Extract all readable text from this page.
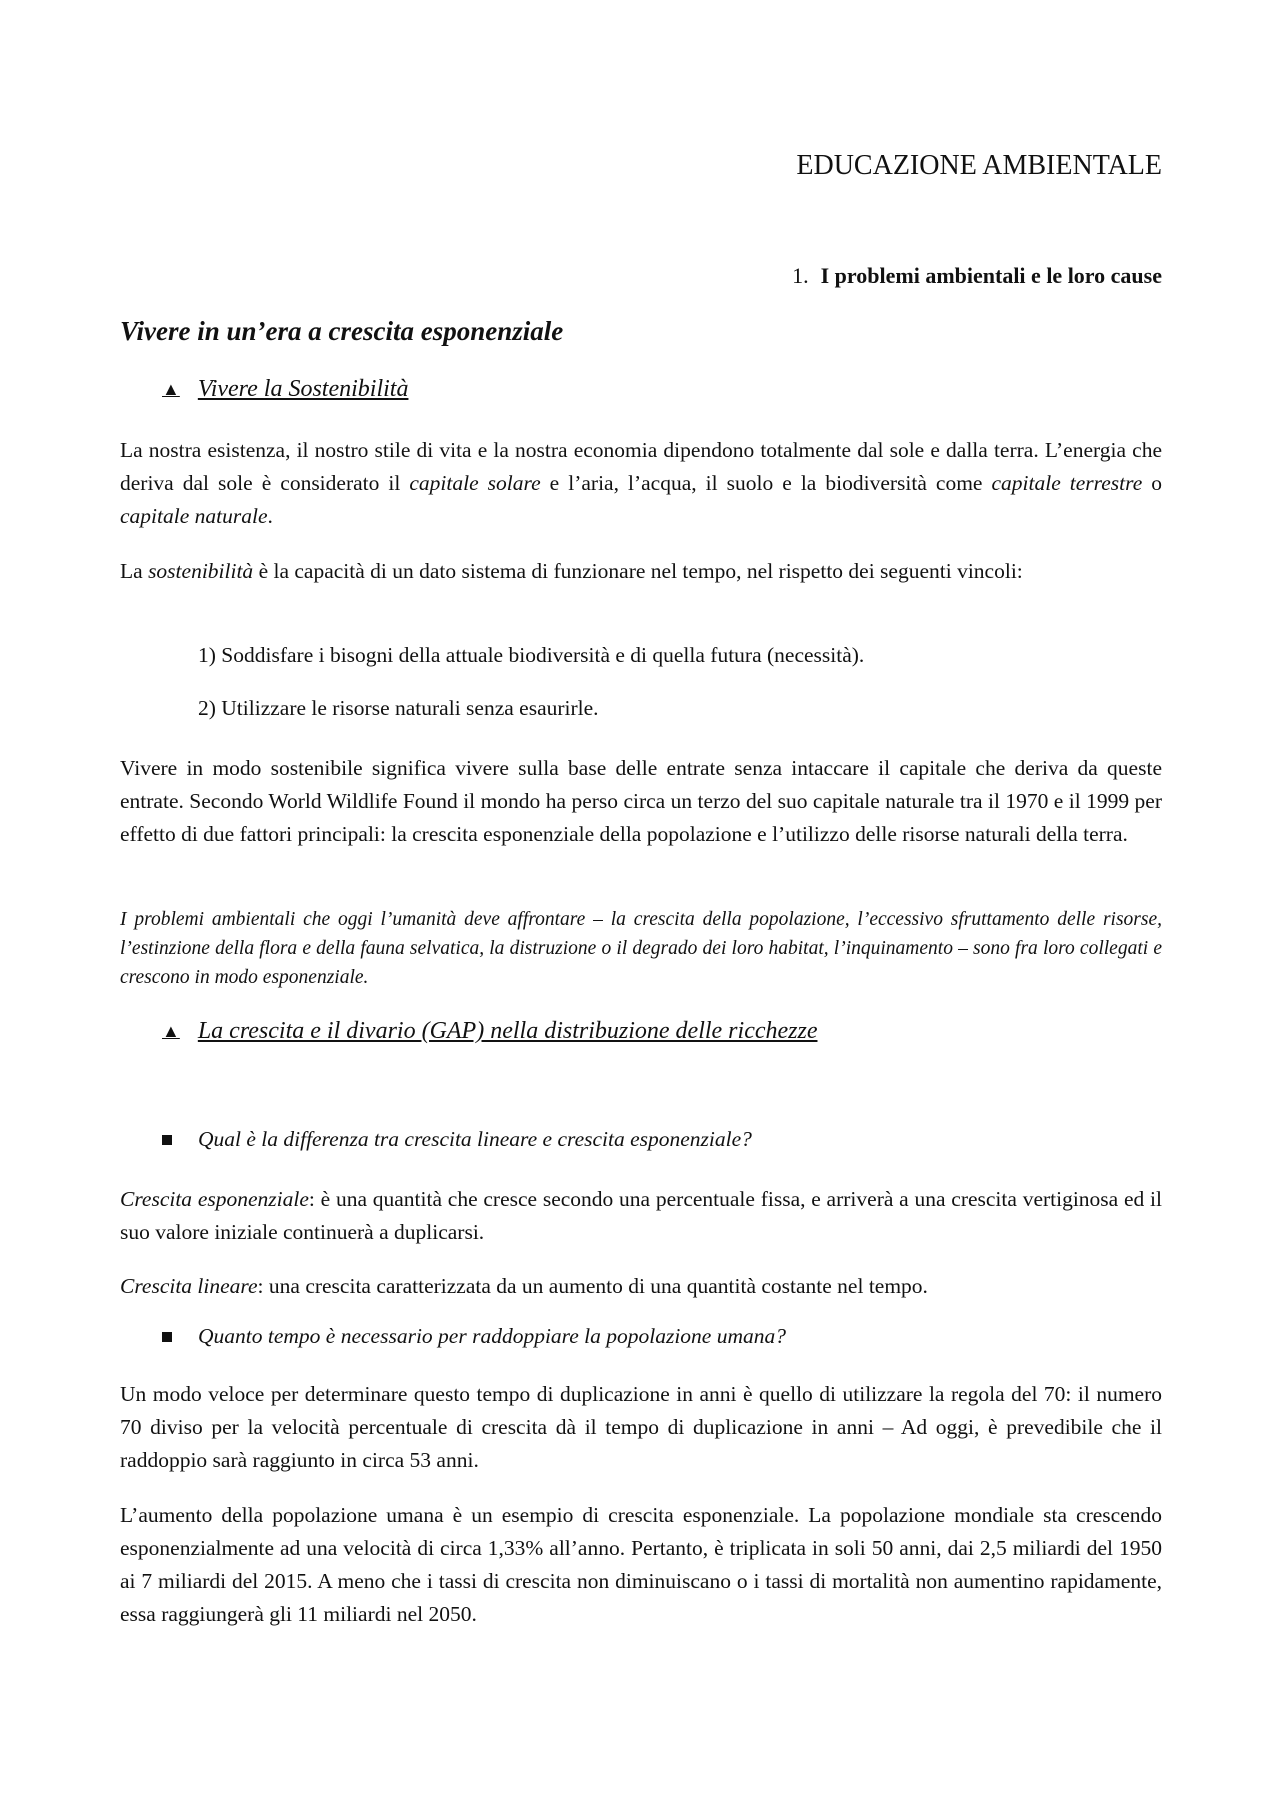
EDUCAZIONE AMBIENTALE
1. I problemi ambientali e le loro cause
Vivere in un’era a crescita esponenziale
▲ Vivere la Sostenibilità
La nostra esistenza, il nostro stile di vita e la nostra economia dipendono totalmente dal sole e dalla terra. L’energia che deriva dal sole è considerato il capitale solare e l’aria, l’acqua, il suolo e la biodiversità come capitale terrestre o capitale naturale.
La sostenibilità è la capacità di un dato sistema di funzionare nel tempo, nel rispetto dei seguenti vincoli:
1) Soddisfare i bisogni della attuale biodiversità e di quella futura (necessità).
2) Utilizzare le risorse naturali senza esaurirle.
Vivere in modo sostenibile significa vivere sulla base delle entrate senza intaccare il capitale che deriva da queste entrate. Secondo World Wildlife Found il mondo ha perso circa un terzo del suo capitale naturale tra il 1970 e il 1999 per effetto di due fattori principali: la crescita esponenziale della popolazione e l’utilizzo delle risorse naturali della terra.
I problemi ambientali che oggi l’umanità deve affrontare – la crescita della popolazione, l’eccessivo sfruttamento delle risorse, l’estinzione della flora e della fauna selvatica, la distruzione o il degrado dei loro habitat, l’inquinamento – sono fra loro collegati e crescono in modo esponenziale.
▲ La crescita e il divario (GAP) nella distribuzione delle ricchezze
Qual è la differenza tra crescita lineare e crescita esponenziale?
Crescita esponenziale: è una quantità che cresce secondo una percentuale fissa, e arriverà a una crescita vertiginosa ed il suo valore iniziale continuerà a duplicarsi.
Crescita lineare: una crescita caratterizzata da un aumento di una quantità costante nel tempo.
Quanto tempo è necessario per raddoppiare la popolazione umana?
Un modo veloce per determinare questo tempo di duplicazione in anni è quello di utilizzare la regola del 70: il numero 70 diviso per la velocità percentuale di crescita dà il tempo di duplicazione in anni – Ad oggi, è prevedibile che il raddoppio sarà raggiunto in circa 53 anni.
L’aumento della popolazione umana è un esempio di crescita esponenziale. La popolazione mondiale sta crescendo esponenzialmente ad una velocità di circa 1,33% all’anno. Pertanto, è triplicata in soli 50 anni, dai 2,5 miliardi del 1950 ai 7 miliardi del 2015. A meno che i tassi di crescita non diminuiscano o i tassi di mortalità non aumentino rapidamente, essa raggiungerà gli 11 miliardi nel 2050.
